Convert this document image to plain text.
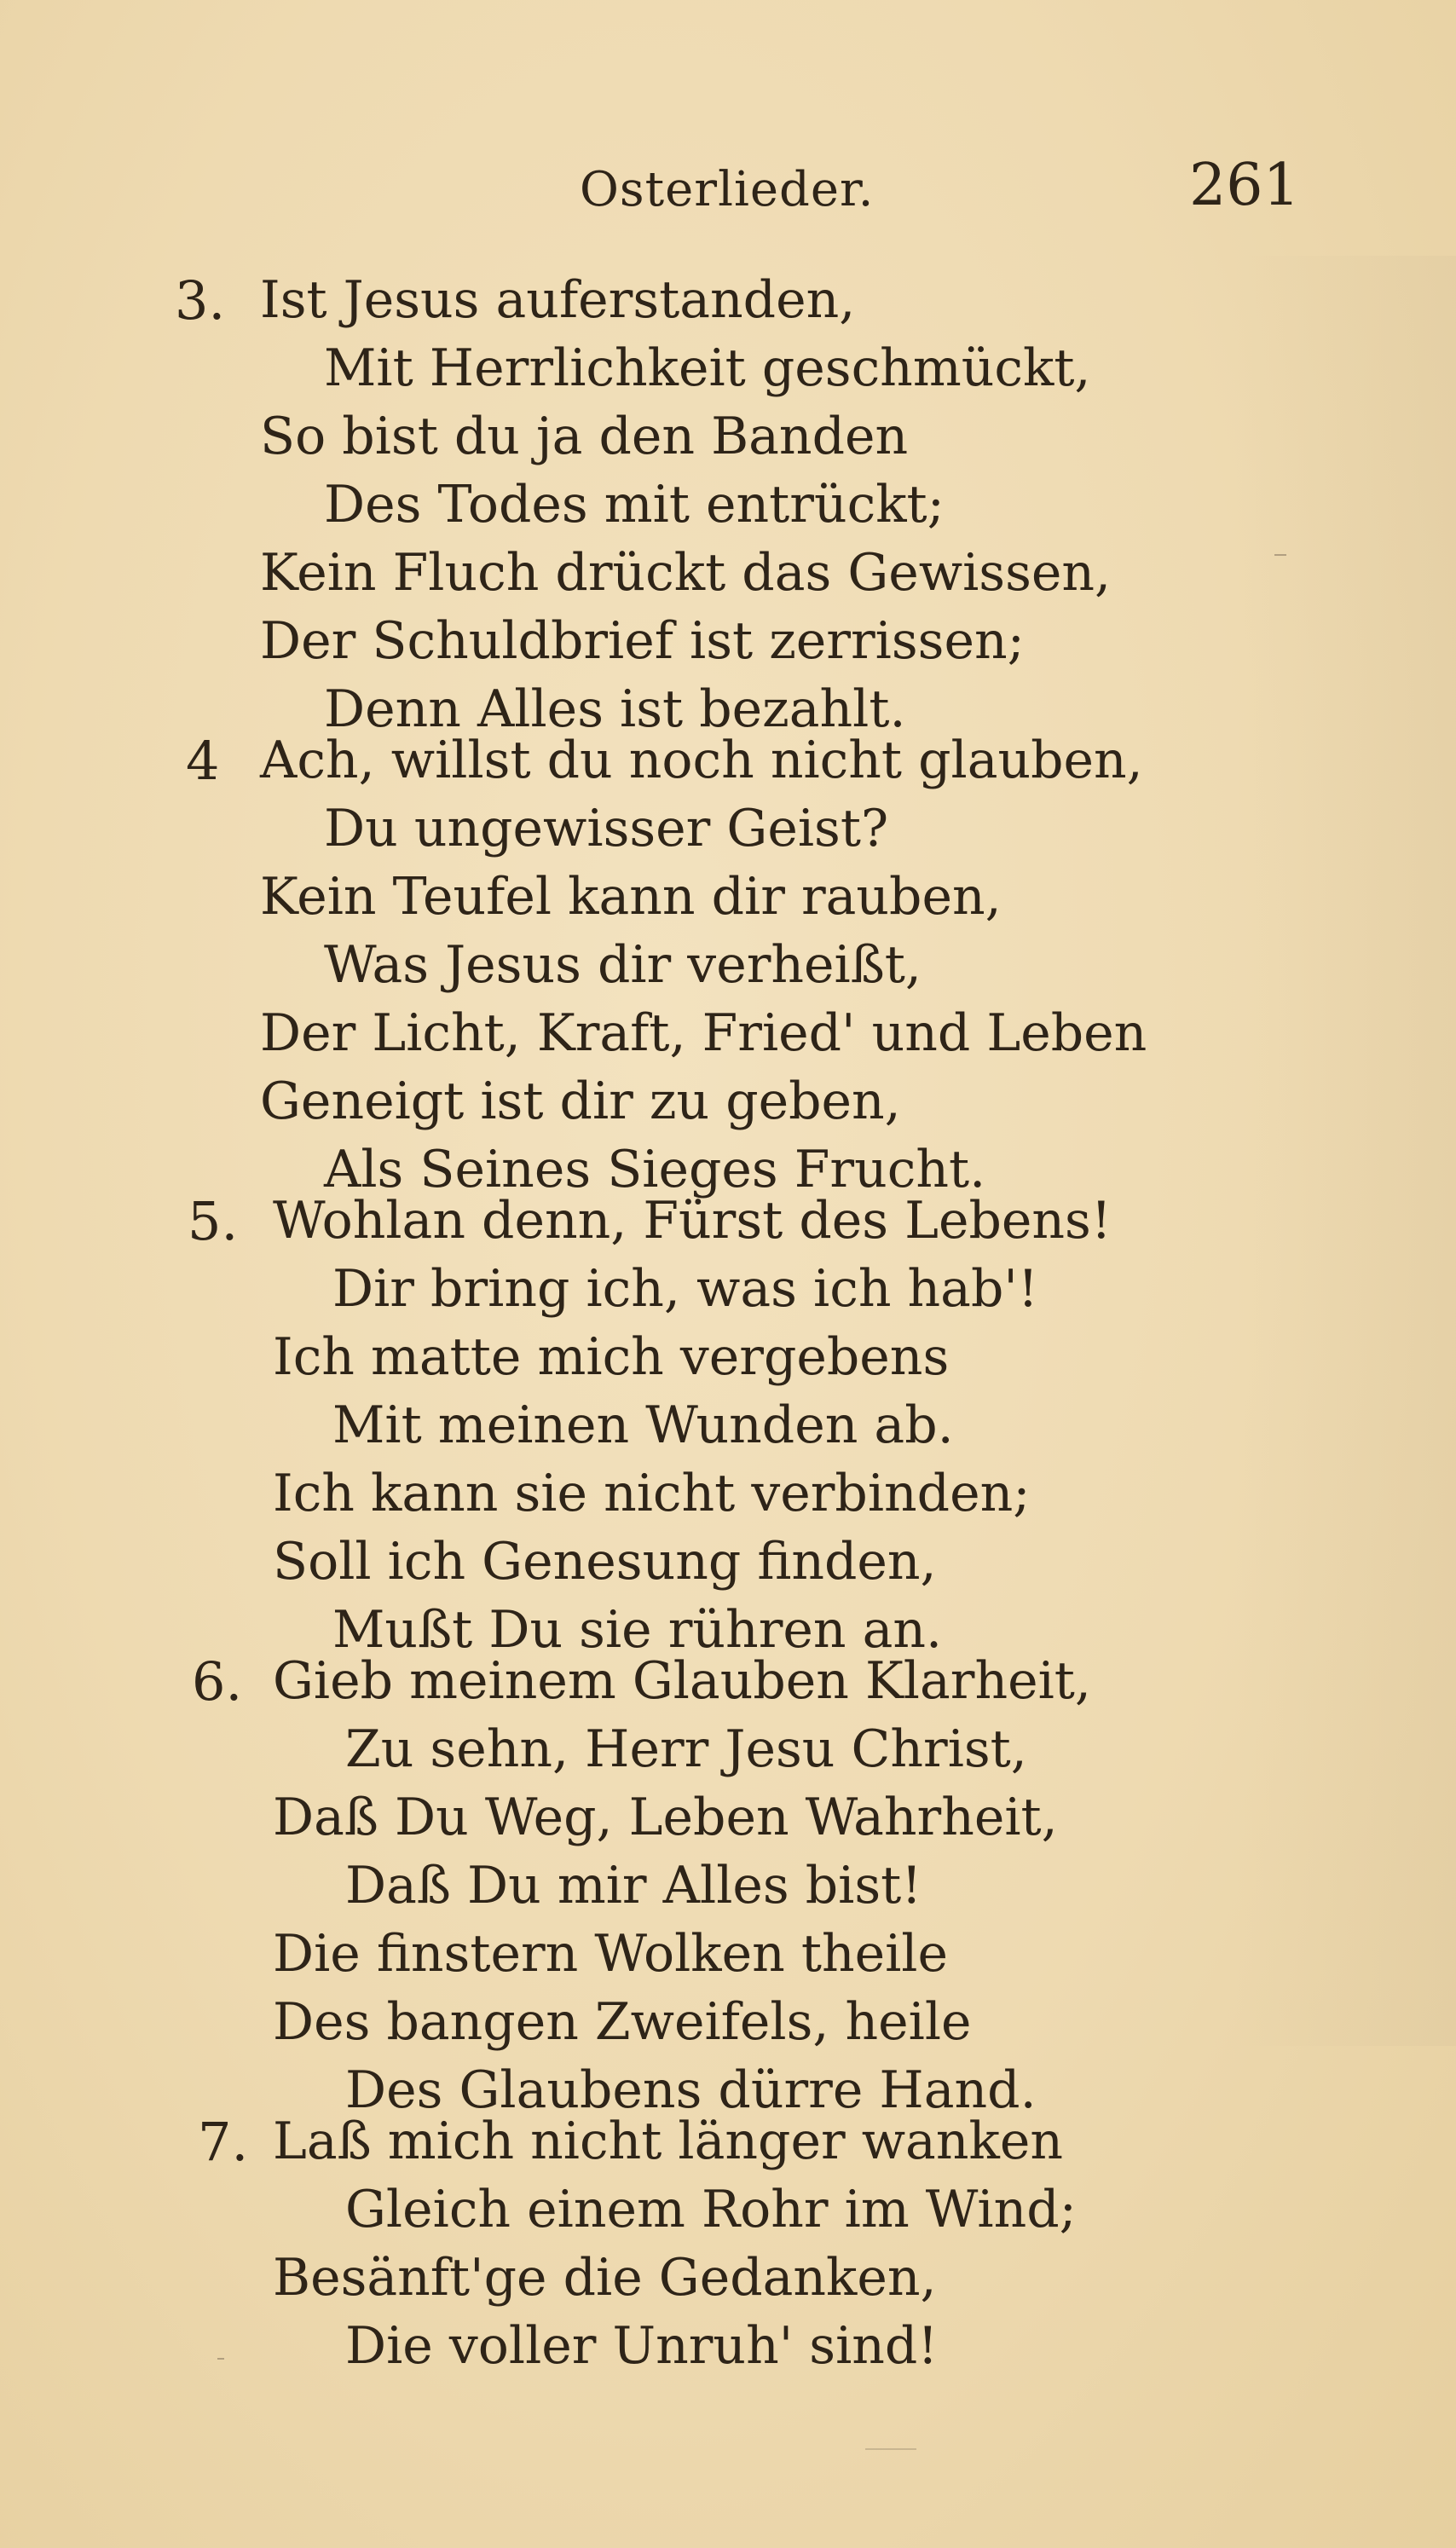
Osterlieder.	261
3. Ist Jesus auferstanden,
Mit Herrlichkeit geschmückt,
So bist du ja den Banden
Des Todes mit entrückt;
Kein Fluch drückt das Gewissen,
Der Schuldbrief ist zerrissen;
Denn Alles ist bezahlt.
4 Ach, willst du noch nicht glauben,
Du ungewisser Geist?
Kein Teufel kann dir rauben,
Was Jesus dir verheißt,
Der Licht, Kraft, Fried' und Leben
Geneigt ist dir zu geben,
Als Seines Sieges Frucht.
5. Wohlan denn, Fürst des Lebens!
Dir bring ich, was ich hab'!
Ich matte mich vergebens
Mit meinen Wunden ab.
Ich kann sie nicht verbinden;
Soll ich Genesung finden,
Mußt Du sie rühren an.
6. Gieb meinem Glauben Klarheit,
Zu sehn, Herr Jesu Christ,
Daß Du Weg, Leben Wahrheit,
Daß Du mir Alles bist!
Die finstern Wolken theile
Des bangen Zweifels, heile
Des Glaubens dürre Hand.
7. Laß mich nicht länger wanken
Gleich einem Rohr im Wind;
Besänft'ge die Gedanken,
Die voller Unruh' sind!
